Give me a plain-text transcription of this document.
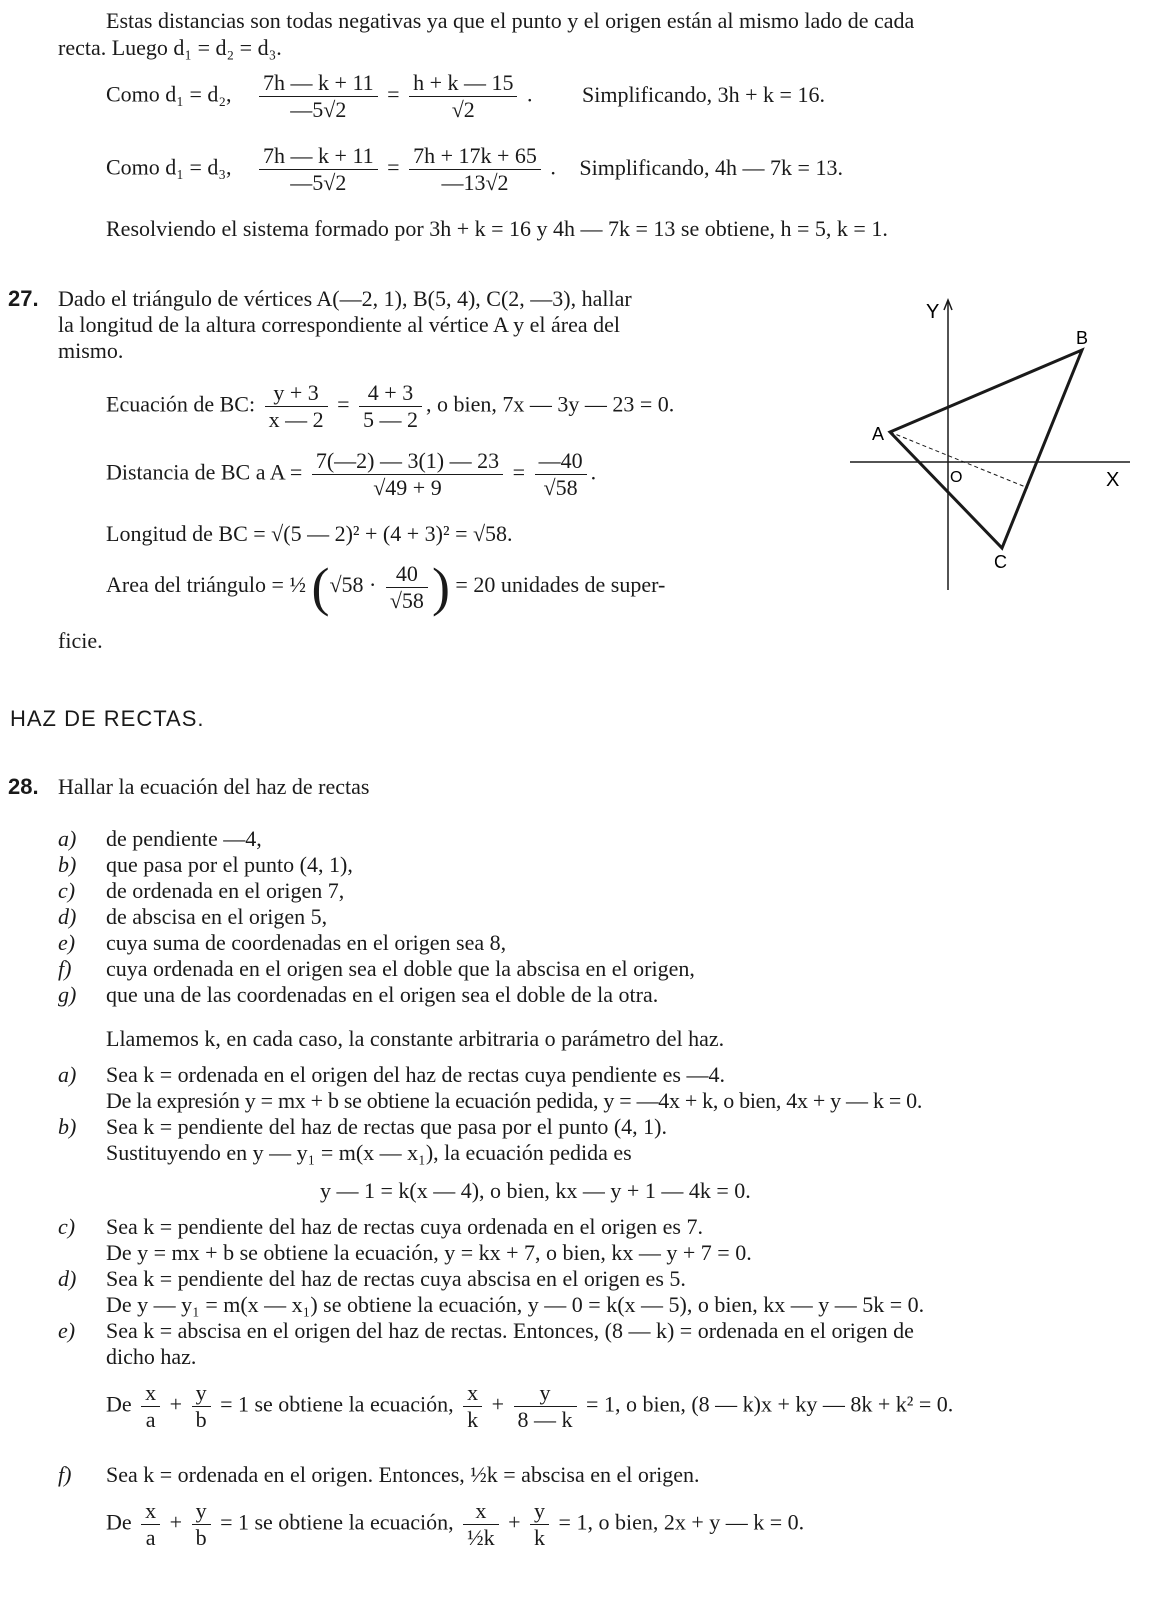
Estas distancias son todas negativas ya que el punto y el origen están al mismo lado de cada
recta. Luego d₁ = d₂ = d₃.
Como d₁ = d₂, $\frac{7h — k + 11}{—5√2} = \frac{h + k — 15}{√2}$ . Simplificando, 3h + k = 16.
Como d₁ = d₃, $\frac{7h — k + 11}{—5√2} = \frac{7h + 17k + 65}{—13√2}$ . Simplificando, 4h — 7k = 13.
Resolviendo el sistema formado por 3h + k = 16 y 4h — 7k = 13 se obtiene, h = 5, k = 1.
27. Dado el triángulo de vértices A(—2, 1), B(5, 4), C(2, —3), hallar
la longitud de la altura correspondiente al vértice A y el área del
mismo.
Ecuación de BC: $\frac{y + 3}{x — 2} = \frac{4 + 3}{5 — 2}$ , o bien, 7x — 3y — 23 = 0.
Distancia de BC a $A = \frac{7(—2) — 3(1) — 23}{√49 + 9} = \frac{—40}{√58}$ .
Longitud de BC = √(5 — 2)² + (4 + 3)² = √58.
Area del triángulo = ½ ($√58 \cdot \frac{40}{√58}$ ) = 20 unidades de super-
ficie.
Y
X
O
A
B
C
HAZ DE RECTAS.
28. Hallar la ecuación del haz de rectas
a) de pendiente —4,
b) que pasa por el punto (4, 1),
c) de ordenada en el origen 7,
d) de abscisa en el origen 5,
e) cuya suma de coordenadas en el origen sea 8,
f) cuya ordenada en el origen sea el doble que la abscisa en el origen,
g) que una de las coordenadas en el origen sea el doble de la otra.
Llamemos k, en cada caso, la constante arbitraria o parámetro del haz.
a) Sea k = ordenada en el origen del haz de rectas cuya pendiente es —4.
De la expresión y = mx + b se obtiene la ecuación pedida, y = —4x + k, o bien, 4x + y — k = 0.
b) Sea k = pendiente del haz de rectas que pasa por el punto (4, 1).
Sustituyendo en y — y₁ = m(x — x₁), la ecuación pedida es
y — 1 = k(x — 4), o bien, kx — y + 1 — 4k = 0.
c) Sea k = pendiente del haz de rectas cuya ordenada en el origen es 7.
De y = mx + b se obtiene la ecuación, y = kx + 7, o bien, kx — y + 7 = 0.
d) Sea k = pendiente del haz de rectas cuya abscisa en el origen es 5.
De y — y₁ = m(x — x₁) se obtiene la ecuación, y — 0 = k(x — 5), o bien, kx — y — 5k = 0.
e) Sea k = abscisa en el origen del haz de rectas. Entonces, (8 — k) = ordenada en el origen de
dicho haz.
De $\frac{x}{a} + \frac{y}{b} = 1$ se obtiene la ecuación, $\frac{x}{k} + \frac{y}{8 — k} = 1$, o bien, (8 — k)x + ky — 8k + k² = 0.
f) Sea k = ordenada en el origen. Entonces, ½k = abscisa en el origen.
De $\frac{x}{a} + \frac{y}{b} = 1$ se obtiene la ecuación, $\frac{x}{\text{½k}} + \frac{y}{k} = 1$, o bien, 2x + y — k = 0.
